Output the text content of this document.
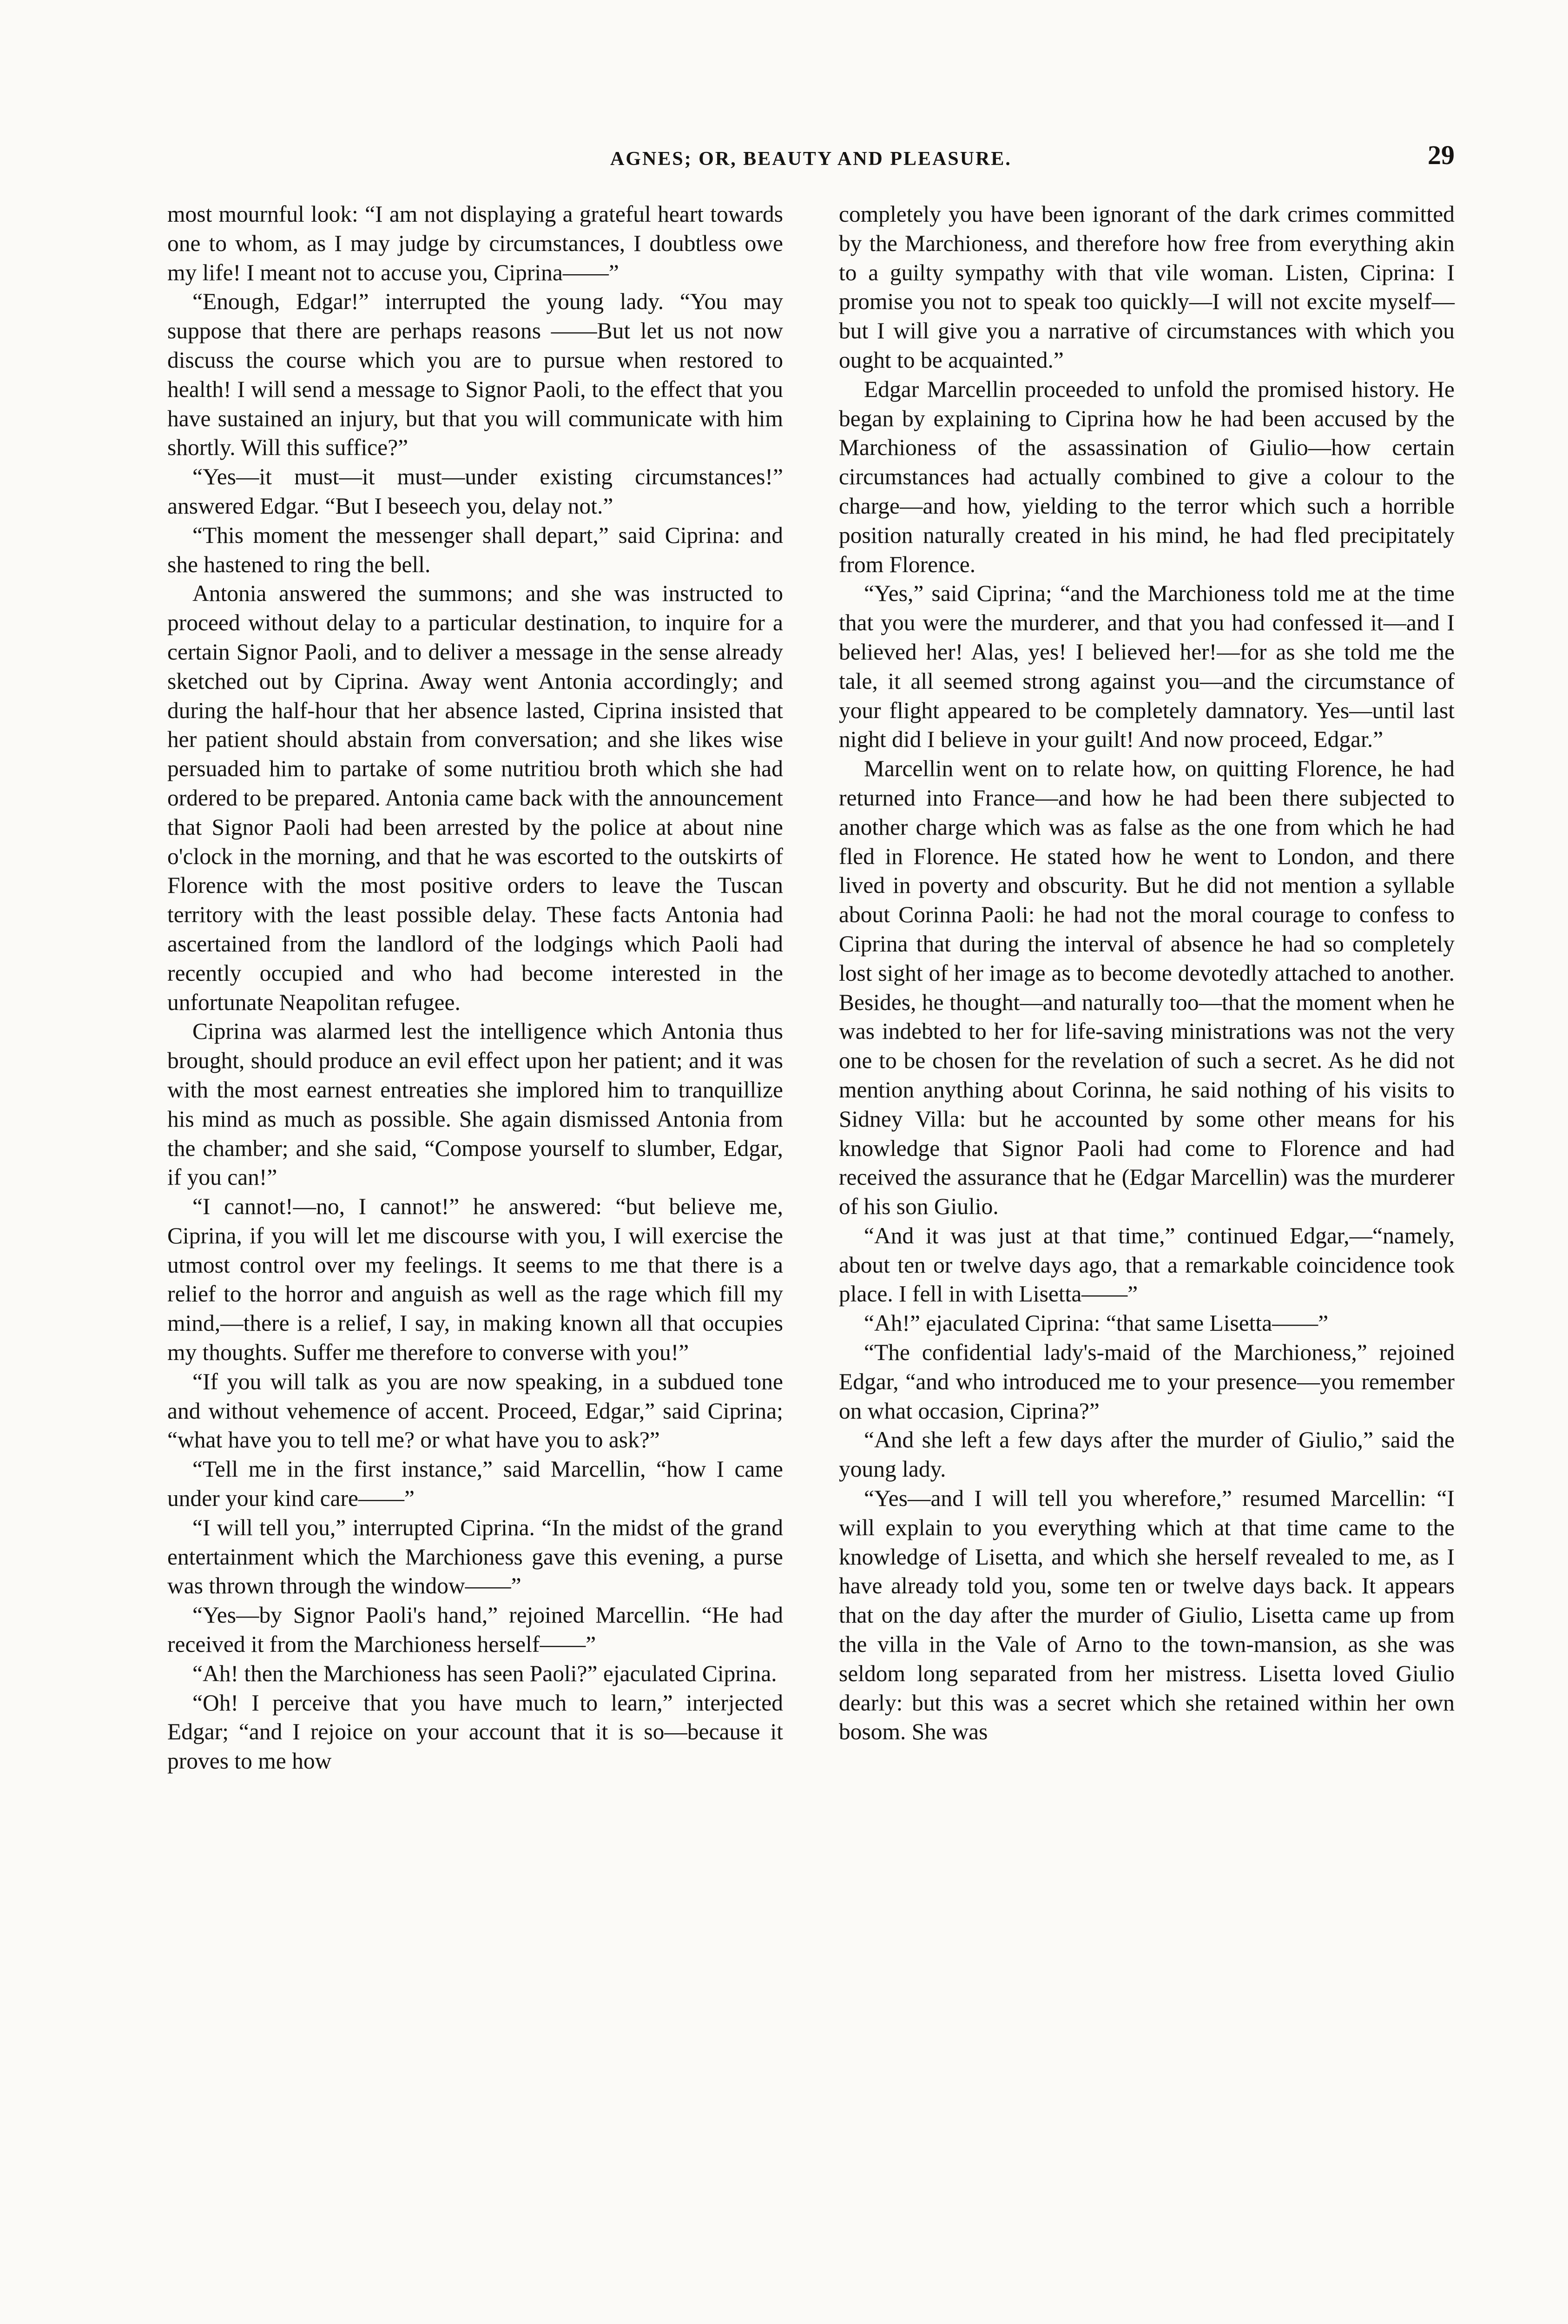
AGNES; OR, BEAUTY AND PLEASURE.	29

most mournful look: “I am not displaying a grateful heart towards one to whom, as I may judge by circumstances, I doubtless owe my life! I meant not to accuse you, Ciprina——”

“Enough, Edgar!” interrupted the young lady. “You may suppose that there are perhaps reasons ——But let us not now discuss the course which you are to pursue when restored to health! I will send a message to Signor Paoli, to the effect that you have sustained an injury, but that you will communicate with him shortly. Will this suffice?”

“Yes—it must—it must—under existing circumstances!” answered Edgar. “But I beseech you, delay not.”

“This moment the messenger shall depart,” said Ciprina: and she hastened to ring the bell.

Antonia answered the summons; and she was instructed to proceed without delay to a particular destination, to inquire for a certain Signor Paoli, and to deliver a message in the sense already sketched out by Ciprina. Away went Antonia accordingly; and during the half-hour that her absence lasted, Ciprina insisted that her patient should abstain from conversation; and she likes wise persuaded him to partake of some nutritiou broth which she had ordered to be prepared. Antonia came back with the announcement that Signor Paoli had been arrested by the police at about nine o'clock in the morning, and that he was escorted to the outskirts of Florence with the most positive orders to leave the Tuscan territory with the least possible delay. These facts Antonia had ascertained from the landlord of the lodgings which Paoli had recently occupied and who had become interested in the unfortunate Neapolitan refugee.

Ciprina was alarmed lest the intelligence which Antonia thus brought, should produce an evil effect upon her patient; and it was with the most earnest entreaties she implored him to tranquillize his mind as much as possible. She again dismissed Antonia from the chamber; and she said, “Compose yourself to slumber, Edgar, if you can!”

“I cannot!—no, I cannot!” he answered: “but believe me, Ciprina, if you will let me discourse with you, I will exercise the utmost control over my feelings. It seems to me that there is a relief to the horror and anguish as well as the rage which fill my mind,—there is a relief, I say, in making known all that occupies my thoughts. Suffer me therefore to converse with you!”

“If you will talk as you are now speaking, in a subdued tone and without vehemence of accent. Proceed, Edgar,” said Ciprina; “what have you to tell me? or what have you to ask?”

“Tell me in the first instance,” said Marcellin, “how I came under your kind care——”

“I will tell you,” interrupted Ciprina. “In the midst of the grand entertainment which the Marchioness gave this evening, a purse was thrown through the window——”

“Yes—by Signor Paoli's hand,” rejoined Marcellin. “He had received it from the Marchioness herself——”

“Ah! then the Marchioness has seen Paoli?” ejaculated Ciprina.

“Oh! I perceive that you have much to learn,” interjected Edgar; “and I rejoice on your account that it is so—because it proves to me how

completely you have been ignorant of the dark crimes committed by the Marchioness, and therefore how free from everything akin to a guilty sympathy with that vile woman. Listen, Ciprina: I promise you not to speak too quickly—I will not excite myself—but I will give you a narrative of circumstances with which you ought to be acquainted.”

Edgar Marcellin proceeded to unfold the promised history. He began by explaining to Ciprina how he had been accused by the Marchioness of the assassination of Giulio—how certain circumstances had actually combined to give a colour to the charge—and how, yielding to the terror which such a horrible position naturally created in his mind, he had fled precipitately from Florence.

“Yes,” said Ciprina; “and the Marchioness told me at the time that you were the murderer, and that you had confessed it—and I believed her! Alas, yes! I believed her!—for as she told me the tale, it all seemed strong against you—and the circumstance of your flight appeared to be completely damnatory. Yes—until last night did I believe in your guilt! And now proceed, Edgar.”

Marcellin went on to relate how, on quitting Florence, he had returned into France—and how he had been there subjected to another charge which was as false as the one from which he had fled in Florence. He stated how he went to London, and there lived in poverty and obscurity. But he did not mention a syllable about Corinna Paoli: he had not the moral courage to confess to Ciprina that during the interval of absence he had so completely lost sight of her image as to become devotedly attached to another. Besides, he thought—and naturally too—that the moment when he was indebted to her for life-saving ministrations was not the very one to be chosen for the revelation of such a secret. As he did not mention anything about Corinna, he said nothing of his visits to Sidney Villa: but he accounted by some other means for his knowledge that Signor Paoli had come to Florence and had received the assurance that he (Edgar Marcellin) was the murderer of his son Giulio.

“And it was just at that time,” continued Edgar,—“namely, about ten or twelve days ago, that a remarkable coincidence took place. I fell in with Lisetta——”

“Ah!” ejaculated Ciprina: “that same Lisetta——”

“The confidential lady's-maid of the Marchioness,” rejoined Edgar, “and who introduced me to your presence—you remember on what occasion, Ciprina?”

“And she left a few days after the murder of Giulio,” said the young lady.

“Yes—and I will tell you wherefore,” resumed Marcellin: “I will explain to you everything which at that time came to the knowledge of Lisetta, and which she herself revealed to me, as I have already told you, some ten or twelve days back. It appears that on the day after the murder of Giulio, Lisetta came up from the villa in the Vale of Arno to the town-mansion, as she was seldom long separated from her mistress. Lisetta loved Giulio dearly: but this was a secret which she retained within her own bosom. She was
